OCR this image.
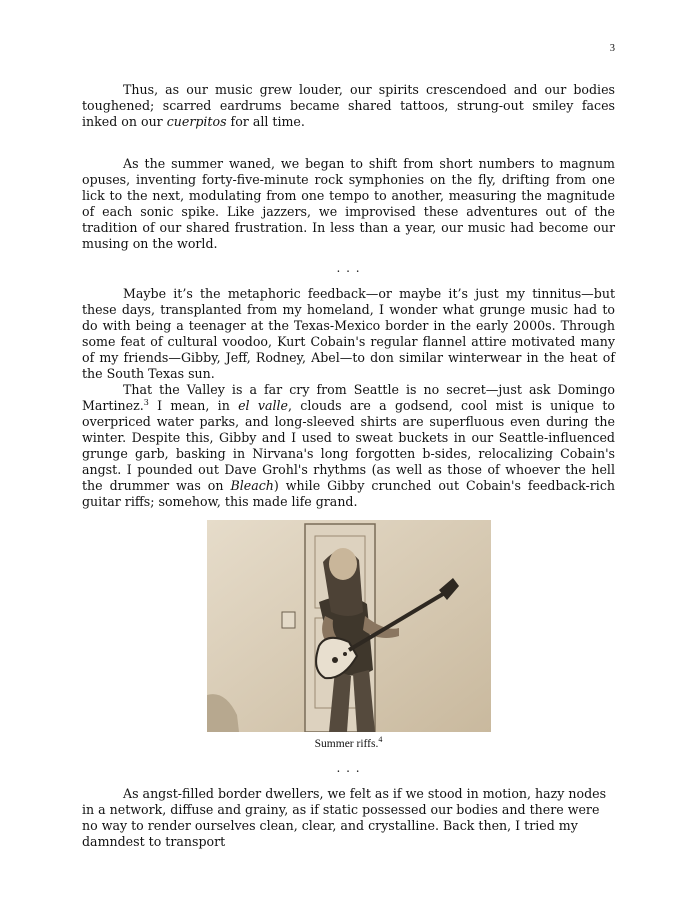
3

Thus, as our music grew louder, our spirits crescendoed and our bodies toughened; scarred eardrums became shared tattoos, strung-out smiley faces inked on our cuerpitos for all time.

As the summer waned, we began to shift from short numbers to magnum opuses, inventing forty-five-minute rock symphonies on the fly, drifting from one lick to the next, modulating from one tempo to another, measuring the magnitude of each sonic spike. Like jazzers, we improvised these adventures out of the tradition of our shared frustration. In less than a year, our music had become our musing on the world.

. . .

Maybe it’s the metaphoric feedback—or maybe it’s just my tinnitus—but these days, transplanted from my homeland, I wonder what grunge music had to do with being a teenager at the Texas-Mexico border in the early 2000s. Through some feat of cultural voodoo, Kurt Cobain's regular flannel attire motivated many of my friends—Gibby, Jeff, Rodney, Abel—to don similar winterwear in the heat of the South Texas sun.

That the Valley is a far cry from Seattle is no secret—just ask Domingo Martinez.$^3$ I mean, in el valle, clouds are a godsend, cool mist is unique to overpriced water parks, and long-sleeved shirts are superfluous even during the winter. Despite this, Gibby and I used to sweat buckets in our Seattle-influenced grunge garb, basking in Nirvana's long forgotten b-sides, relocalizing Cobain's angst. I pounded out Dave Grohl's rhythms (as well as those of whoever the hell the drummer was on Bleach) while Gibby crunched out Cobain's feedback-rich guitar riffs; somehow, this made life grand.

Summer riffs.$^4$
. . .

As angst-filled border dwellers, we felt as if we stood in motion, hazy nodes in a network, diffuse and grainy, as if static possessed our bodies and there were no way to render ourselves clean, clear, and crystalline. Back then, I tried my damndest to transport
